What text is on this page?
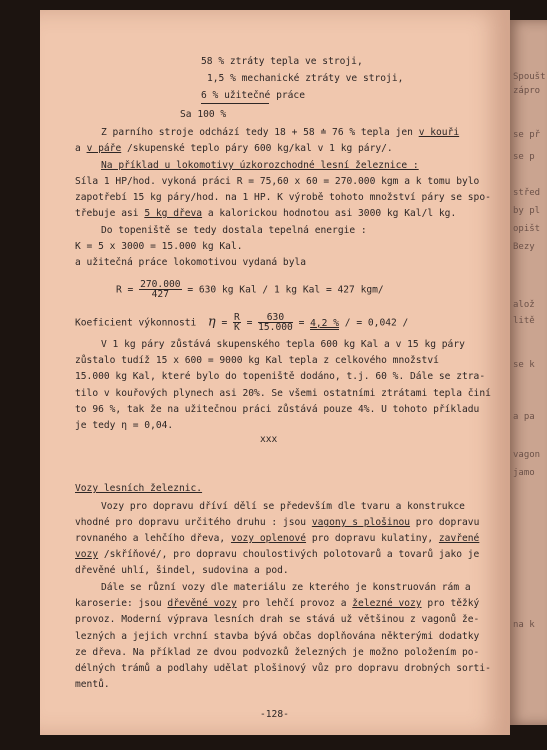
Spoušt
zápro
se př
se p
střed
by pl
opišt
Bezy
alož
litě
se k
a pa
vagon
jamo
na k
58 % ztráty tepla ve stroji,
1,5 % mechanické ztráty ve stroji,
6 % užitečné práce
Sa 100 %
Z parního stroje odchází tedy 18 + 58 ≐ 76 % tepla jen v kouři
a v páře /skupenské teplo páry 600 kg/kal v 1 kg páry/.
Na příklad u lokomotivy úzkorozchodné lesní železnice :
Síla 1 HP/hod. vykoná práci R = 75,60 x 60 = 270.000 kgm a k tomu bylo
zapotřebí 15 kg páry/hod. na 1 HP. K výrobě tohoto množství páry se spo-
třebuje asi 5 kg dřeva a kalorickou hodnotou asi 3000 kg Kal/l kg.
Do topeniště se tedy dostala tepelná energie :
K = 5 x 3000 = 15.000 kg Kal.
a užitečná práce lokomotivou vydaná byla
$R = \frac{270.000}{427} = 630$ kg Kal / 1 kg Kal = 427 kgm/
Koeficient výkonnosti $\eta = \frac{R}{K} = \frac{630}{15.000} = 4,2$ % / = 0,042 /
V 1 kg páry zůstává skupenského tepla 600 kg Kal a v 15 kg páry
zůstalo tudíž 15 x 600 = 9000 kg Kal tepla z celkového množství
15.000 kg Kal, které bylo do topeniště dodáno, t.j. 60 %. Dále se ztra-
tilo v kouřových plynech asi 20%. Se všemi ostatními ztrátami tepla činí
to 96 %, tak že na užitečnou práci zůstává pouze 4%. U tohoto příkladu
je tedy η = 0,04.
xxx
Vozy lesních železnic.
Vozy pro dopravu dříví dělí se především dle tvaru a konstrukce
vhodné pro dopravu určitého druhu : jsou vagony s plošinou pro dopravu
rovnaného a lehčího dřeva, vozy oplenové pro dopravu kulatiny, zavřené
vozy /skříňové/, pro dopravu choulostivých polotovarů a tovarů jako je
dřevěné uhlí, šindel, sudovina a pod.
Dále se různí vozy dle materiálu ze kterého je konstruován rám a
karoserie: jsou dřevěné vozy pro lehčí provoz a železné vozy pro těžký
provoz. Moderní výprava lesních drah se stává už většinou z vagonů že-
lezných a jejich vrchní stavba bývá občas doplňována některými dodatky
ze dřeva. Na příklad ze dvou podvozků železných je možno položením po-
délných trámů a podlahy udělat plošinový vůz pro dopravu drobných sorti-
mentů.
-128-
